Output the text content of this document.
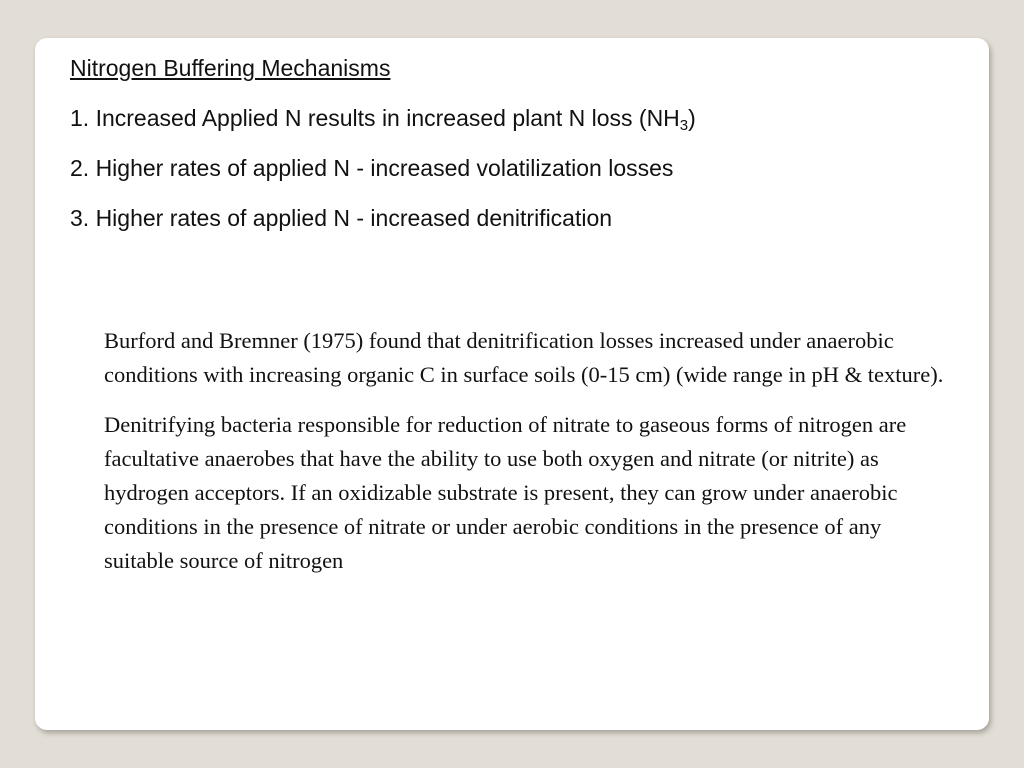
Nitrogen Buffering Mechanisms
1. Increased Applied N results in increased plant N loss $(NH_3)$
2. Higher rates of applied N - increased volatilization losses
3. Higher rates of applied N - increased denitrification

Burford and Bremner (1975) found that denitrification losses increased under anaerobic conditions with increasing organic C in surface soils (0-15 cm) (wide range in pH & texture).

Denitrifying bacteria responsible for reduction of nitrate to gaseous forms of nitrogen are facultative anaerobes that have the ability to use both oxygen and nitrate (or nitrite) as hydrogen acceptors. If an oxidizable substrate is present, they can grow under anaerobic conditions in the presence of nitrate or under aerobic conditions in the presence of any suitable source of nitrogen
